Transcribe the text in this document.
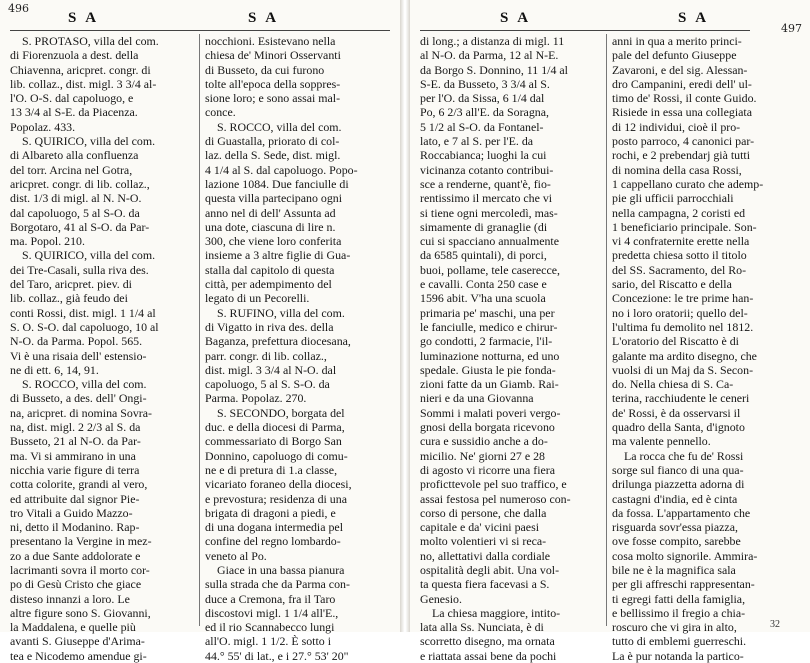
496
S A	S A

S. PROTASO, villa del com.
di Fiorenzuola a dest. della
Chiavenna, aricpret. congr. di
lib. collaz., dist. migl. 3 3/4 al-
l'O. O-S. dal capoluogo, e
13 3/4 al S-E. da Piacenza.
Popolaz. 433.

S. QUIRICO, villa del com.
di Albareto alla confluenza
del torr. Arcina nel Gotra,
aricpret. congr. di lib. collaz.,
dist. 1/3 di migl. al N. N-O.
dal capoluogo, 5 al S-O. da
Borgotaro, 41 al S-O. da Par-
ma. Popol. 210.

S. QUIRICO, villa del com.
dei Tre-Casali, sulla riva des.
del Taro, aricpret. piev. di
lib. collaz., già feudo dei
conti Rossi, dist. migl. 1 1/4 al
S. O. S-O. dal capoluogo, 10 al
N-O. da Parma. Popol. 565.
Vi è una risaia dell' estensio-
ne di ett. 6, 14, 91.

S. ROCCO, villa del com.
di Busseto, a des. dell' Ongi-
na, aricpret. di nomina Sovra-
na, dist. migl. 2 2/3 al S. da
Busseto, 21 al N-O. da Par-
ma. Vi si ammirano in una
nicchia varie figure di terra
cotta colorite, grandi al vero,
ed attribuite dal signor Pie-
tro Vitali a Guido Mazzo-
ni, detto il Modanino. Rap-
presentano la Vergine in mez-
zo a due Sante addolorate e
lacrimanti sovra il morto cor-
po di Gesù Cristo che giace
disteso innanzi a loro. Le
altre figure sono S. Giovanni,
la Maddalena, e quelle più
avanti S. Giuseppe d'Arima-
tea e Nicodemo amendue gi-

nocchioni. Esistevano nella
chiesa de' Minori Osservanti
di Busseto, da cui furono
tolte all'epoca della soppres-
sione loro; e sono assai mal-
conce.

S. ROCCO, villa del com.
di Guastalla, priorato di col-
laz. della S. Sede, dist. migl.
4 1/4 al S. dal capoluogo. Popo-
lazione 1084. Due fanciulle di
questa villa partecipano ogni
anno nel di dell' Assunta ad
una dote, ciascuna di lire n.
300, che viene loro conferita
insieme a 3 altre figlie di Gua-
stalla dal capitolo di questa
città, per adempimento del
legato di un Pecorelli.

S. RUFINO, villa del com.
di Vigatto in riva des. della
Baganza, prefettura diocesana,
parr. congr. di lib. collaz.,
dist. migl. 3 3/4 al N-O. dal
capoluogo, 5 al S. S-O. da
Parma. Popolaz. 270.

S. SECONDO, borgata del
duc. e della diocesi di Parma,
commessariato di Borgo San
Donnino, capoluogo di comu-
ne e di pretura di 1.a classe,
vicariato foraneo della diocesi,
e prevostura; residenza di una
brigata di dragoni a piedi, e
di una dogana intermedia pel
confine del regno lombardo-
veneto al Po.

Giace in una bassa pianura
sulla strada che da Parma con-
duce a Cremona, fra il Taro
discostovi migl. 1 1/4 all'E.,
ed il rio Scannabecco lungi
all'O. migl. 1 1/2. È sotto i
44.° 55' di lat., e i 27.° 53' 20"

497
S A	S A

di long.; a distanza di migl. 11
al N-O. da Parma, 12 al N-E.
da Borgo S. Donnino, 11 1/4 al
S-E. da Busseto, 3 3/4 al S.
per l'O. da Sissa, 6 1/4 dal
Po, 6 2/3 all'E. da Soragna,
5 1/2 al S-O. da Fontanel-
lato, e 7 al S. per l'E. da
Roccabianca; luoghi la cui
vicinanza cotanto contribui-
sce a renderne, quant'è, fio-
rentissimo il mercato che vi
si tiene ogni mercoledì, mas-
simamente di granaglie (di
cui si spacciano annualmente
da 6585 quintali), di porci,
buoi, pollame, tele caserecce,
e cavalli. Conta 250 case e
1596 abit. V'ha una scuola
primaria pe' maschi, una per
le fanciulle, medico e chirur-
go condotti, 2 farmacie, l'il-
luminazione notturna, ed uno
spedale. Giusta le pie fonda-
zioni fatte da un Giamb. Rai-
nieri e da una Giovanna
Sommi i malati poveri vergo-
gnosi della borgata ricevono
cura e sussidio anche a do-
micilio. Ne' giorni 27 e 28
di agosto vi ricorre una fiera
proficttevole pel suo traffico, e
assai festosa pel numeroso con-
corso di persone, che dalla
capitale e da' vicini paesi
molto volentieri vi si reca-
no, allettativi dalla cordiale
ospitalità degli abit. Una vol-
ta questa fiera facevasi a S.
Genesio.

La chiesa maggiore, intito-
lata alla Ss. Nunciata, è di
scorretto disegno, ma ornata
e riattata assai bene da pochi

anni in qua a merito princi-
pale del defunto Giuseppe
Zavaroni, e del sig. Alessan-
dro Campanini, eredi dell' ul-
timo de' Rossi, il conte Guido.
Risiede in essa una collegiata
di 12 individui, cioè il pro-
posto parroco, 4 canonici par-
rochi, e 2 prebendarj già tutti
di nomina della casa Rossi,
1 cappellano curato che ademp-
pie gli ufficii parrocchiali
nella campagna, 2 coristi ed
1 beneficiario principale. Son-
vi 4 confraternite erette nella
predetta chiesa sotto il titolo
del SS. Sacramento, del Ro-
sario, del Riscatto e della
Concezione: le tre prime han-
no i loro oratorii; quello del-
l'ultima fu demolito nel 1812.
L'oratorio del Riscatto è di
galante ma ardito disegno, che
vuolsi di un Maj da S. Secon-
do. Nella chiesa di S. Ca-
terina, racchiudente le ceneri
de' Rossi, è da osservarsi il
quadro della Santa, d'ignoto
ma valente pennello.

La rocca che fu de' Rossi
sorge sul fianco di una qua-
drilunga piazzetta adorna di
castagni d'india, ed è cinta
da fossa. L'appartamento che
risguarda sovr'essa piazza,
ove fosse compito, sarebbe
cosa molto signorile. Ammira-
bile ne è la magnifica sala
per gli affreschi rappresentan-
ti egregi fatti della famiglia,
e bellissimo il fregio a chia-
roscuro che vi gira in alto,
tutto di emblemi guerreschi.
La è pur notanda la partico-

32
